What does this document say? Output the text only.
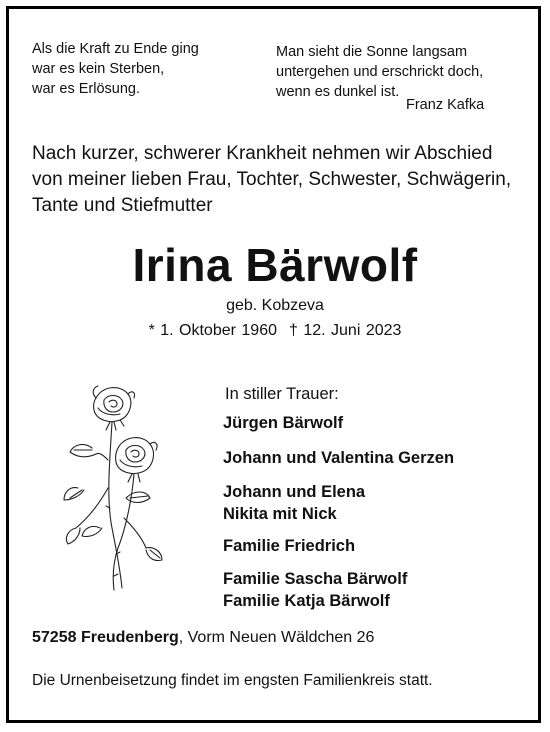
Als die Kraft zu Ende ging
war es kein Sterben,
war es Erlösung.
Man sieht die Sonne langsam
untergehen und erschrickt doch,
wenn es dunkel ist.
Franz Kafka
Nach kurzer, schwerer Krankheit nehmen wir Abschied
von meiner lieben Frau, Tochter, Schwester, Schwägerin,
Tante und Stiefmutter
Irina Bärwolf
geb. Kobzeva
* 1. Oktober 1960 † 12. Juni 2023
In stiller Trauer:
Jürgen Bärwolf
Johann und Valentina Gerzen
Johann und Elena
Nikita mit Nick
Familie Friedrich
Familie Sascha Bärwolf
Familie Katja Bärwolf
57258 Freudenberg, Vorm Neuen Wäldchen 26
Die Urnenbeisetzung findet im engsten Familienkreis statt.
